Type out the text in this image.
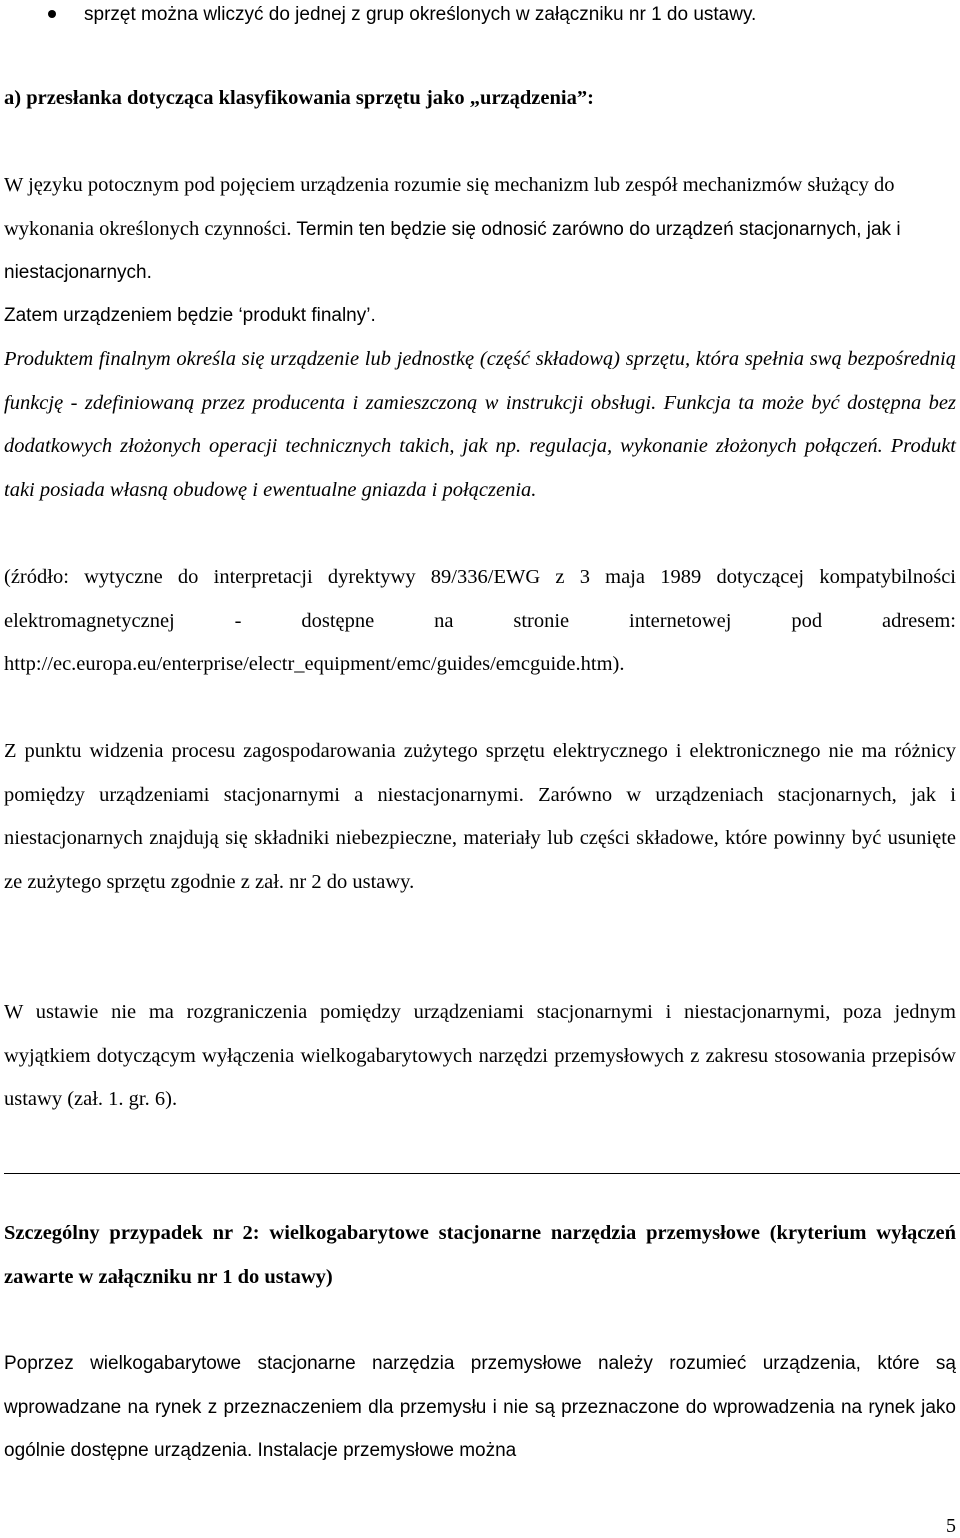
sprzęt można wliczyć do jednej z grup określonych w załączniku nr 1 do ustawy.

a) przesłanka dotycząca klasyfikowania sprzętu jako „urządzenia”:

W języku potocznym pod pojęciem urządzenia rozumie się mechanizm lub zespół mechanizmów służący do wykonania określonych czynności. Termin ten będzie się odnosić zarówno do urządzeń stacjonarnych, jak i niestacjonarnych.

Zatem urządzeniem będzie ‘produkt finalny’.

Produktem finalnym określa się urządzenie lub jednostkę (część składową) sprzętu, która spełnia swą bezpośrednią funkcję - zdefiniowaną przez producenta i zamieszczoną w instrukcji obsługi. Funkcja ta może być dostępna bez dodatkowych złożonych operacji technicznych takich, jak np. regulacja, wykonanie złożonych połączeń. Produkt taki posiada własną obudowę i ewentualne gniazda i połączenia.

(źródło: wytyczne do interpretacji dyrektywy 89/336/EWG z 3 maja 1989 dotyczącej kompatybilności elektromagnetycznej - dostępne na stronie internetowej pod adresem: http://ec.europa.eu/enterprise/electr_equipment/emc/guides/emcguide.htm).

Z punktu widzenia procesu zagospodarowania zużytego sprzętu elektrycznego i elektronicznego nie ma różnicy pomiędzy urządzeniami stacjonarnymi a niestacjonarnymi. Zarówno w urządzeniach stacjonarnych, jak i niestacjonarnych znajdują się składniki niebezpieczne, materiały lub części składowe, które powinny być usunięte ze zużytego sprzętu zgodnie z zał. nr 2 do ustawy.

W ustawie nie ma rozgraniczenia pomiędzy urządzeniami stacjonarnymi i niestacjonarnymi, poza jednym wyjątkiem dotyczącym wyłączenia wielkogabarytowych narzędzi przemysłowych z zakresu stosowania przepisów ustawy (zał. 1. gr. 6).

Szczególny przypadek nr 2: wielkogabarytowe stacjonarne narzędzia przemysłowe (kryterium wyłączeń zawarte w załączniku nr 1 do ustawy)

Poprzez wielkogabarytowe stacjonarne narzędzia przemysłowe należy rozumieć urządzenia, które są wprowadzane na rynek z przeznaczeniem dla przemysłu i nie są przeznaczone do wprowadzenia na rynek jako ogólnie dostępne urządzenia. Instalacje przemysłowe można

5
